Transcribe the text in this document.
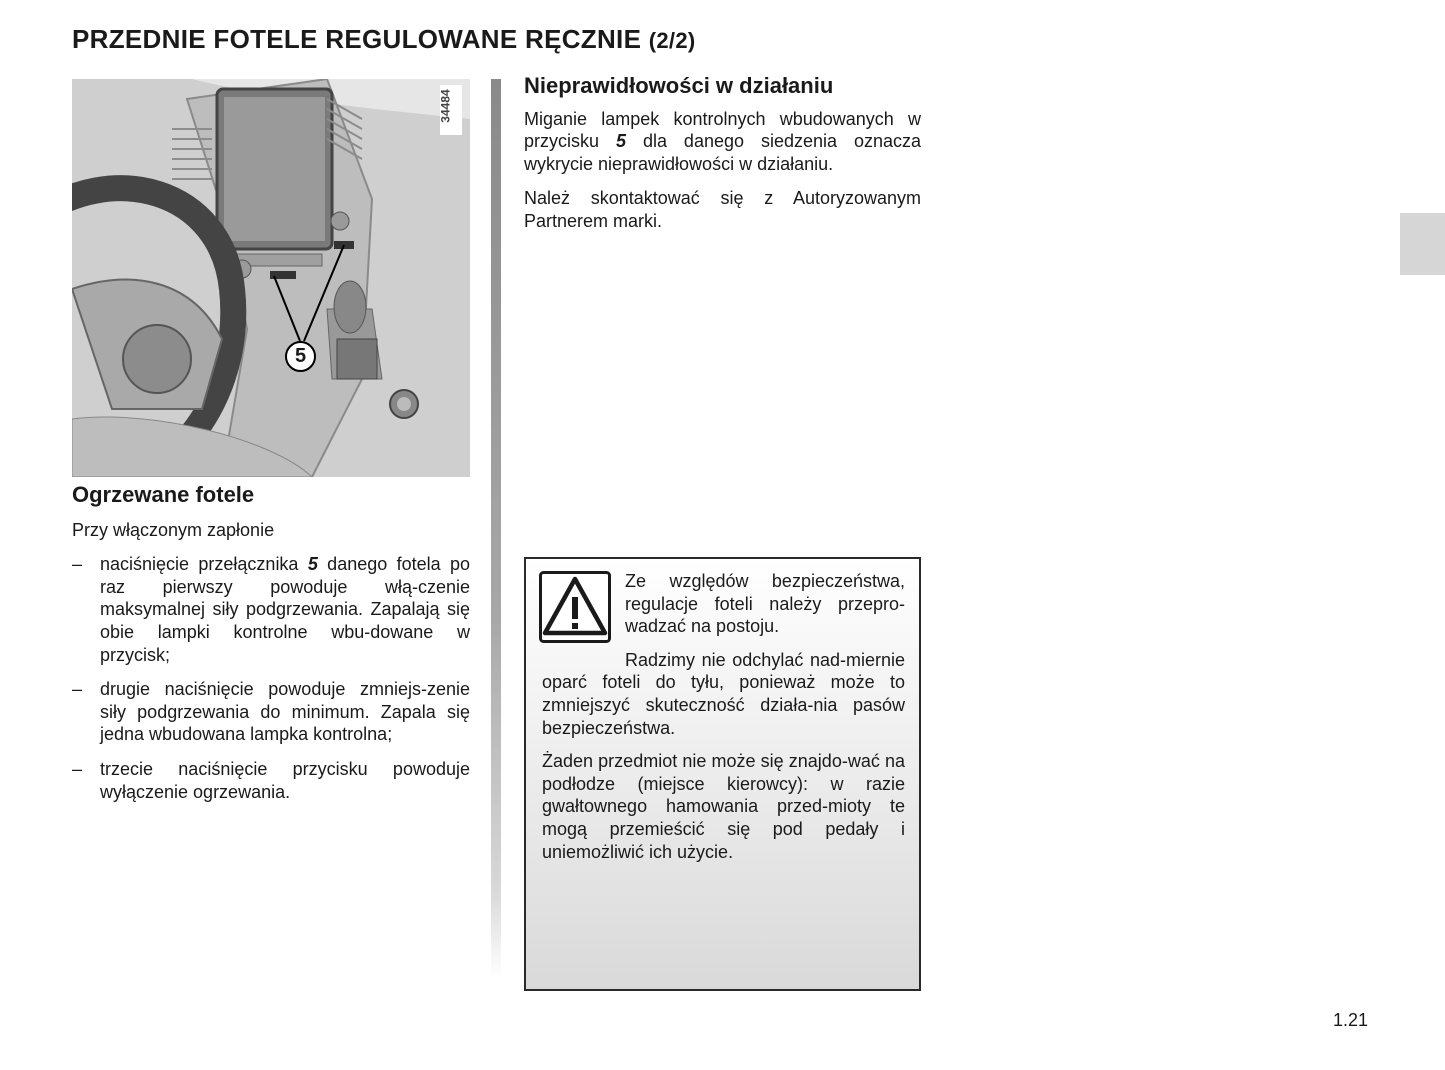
PRZEDNIE FOTELE REGULOWANE RĘCZNIE (2/2)
5
34484
Ogrzewane fotele

Przy włączonym zapłonie

– naciśnięcie przełącznika 5 danego fotela po raz pierwszy powoduje włą-czenie maksymalnej siły podgrzewania. Zapalają się obie lampki kontrolne wbu-dowane w przycisk;

– drugie naciśnięcie powoduje zmniejs-zenie siły podgrzewania do minimum. Zapala się jedna wbudowana lampka kontrolna;

– trzecie naciśnięcie przycisku powoduje wyłączenie ogrzewania.

Nieprawidłowości w działaniu

Miganie lampek kontrolnych wbudowanych w przycisku 5 dla danego siedzenia oznacza wykrycie nieprawidłowości w działaniu.

Należ skontaktować się z Autoryzowanym Partnerem marki.

Ze względów bezpieczeństwa, regulacje foteli należy przepro-wadzać na postoju.

Radzimy nie odchylać nad-miernie oparć foteli do tyłu, ponieważ może to zmniejszyć skuteczność działa-nia pasów bezpieczeństwa.

Żaden przedmiot nie może się znajdo-wać na podłodze (miejsce kierowcy): w razie gwałtownego hamowania przed-mioty te mogą przemieścić się pod pedały i uniemożliwić ich użycie.

1.21
